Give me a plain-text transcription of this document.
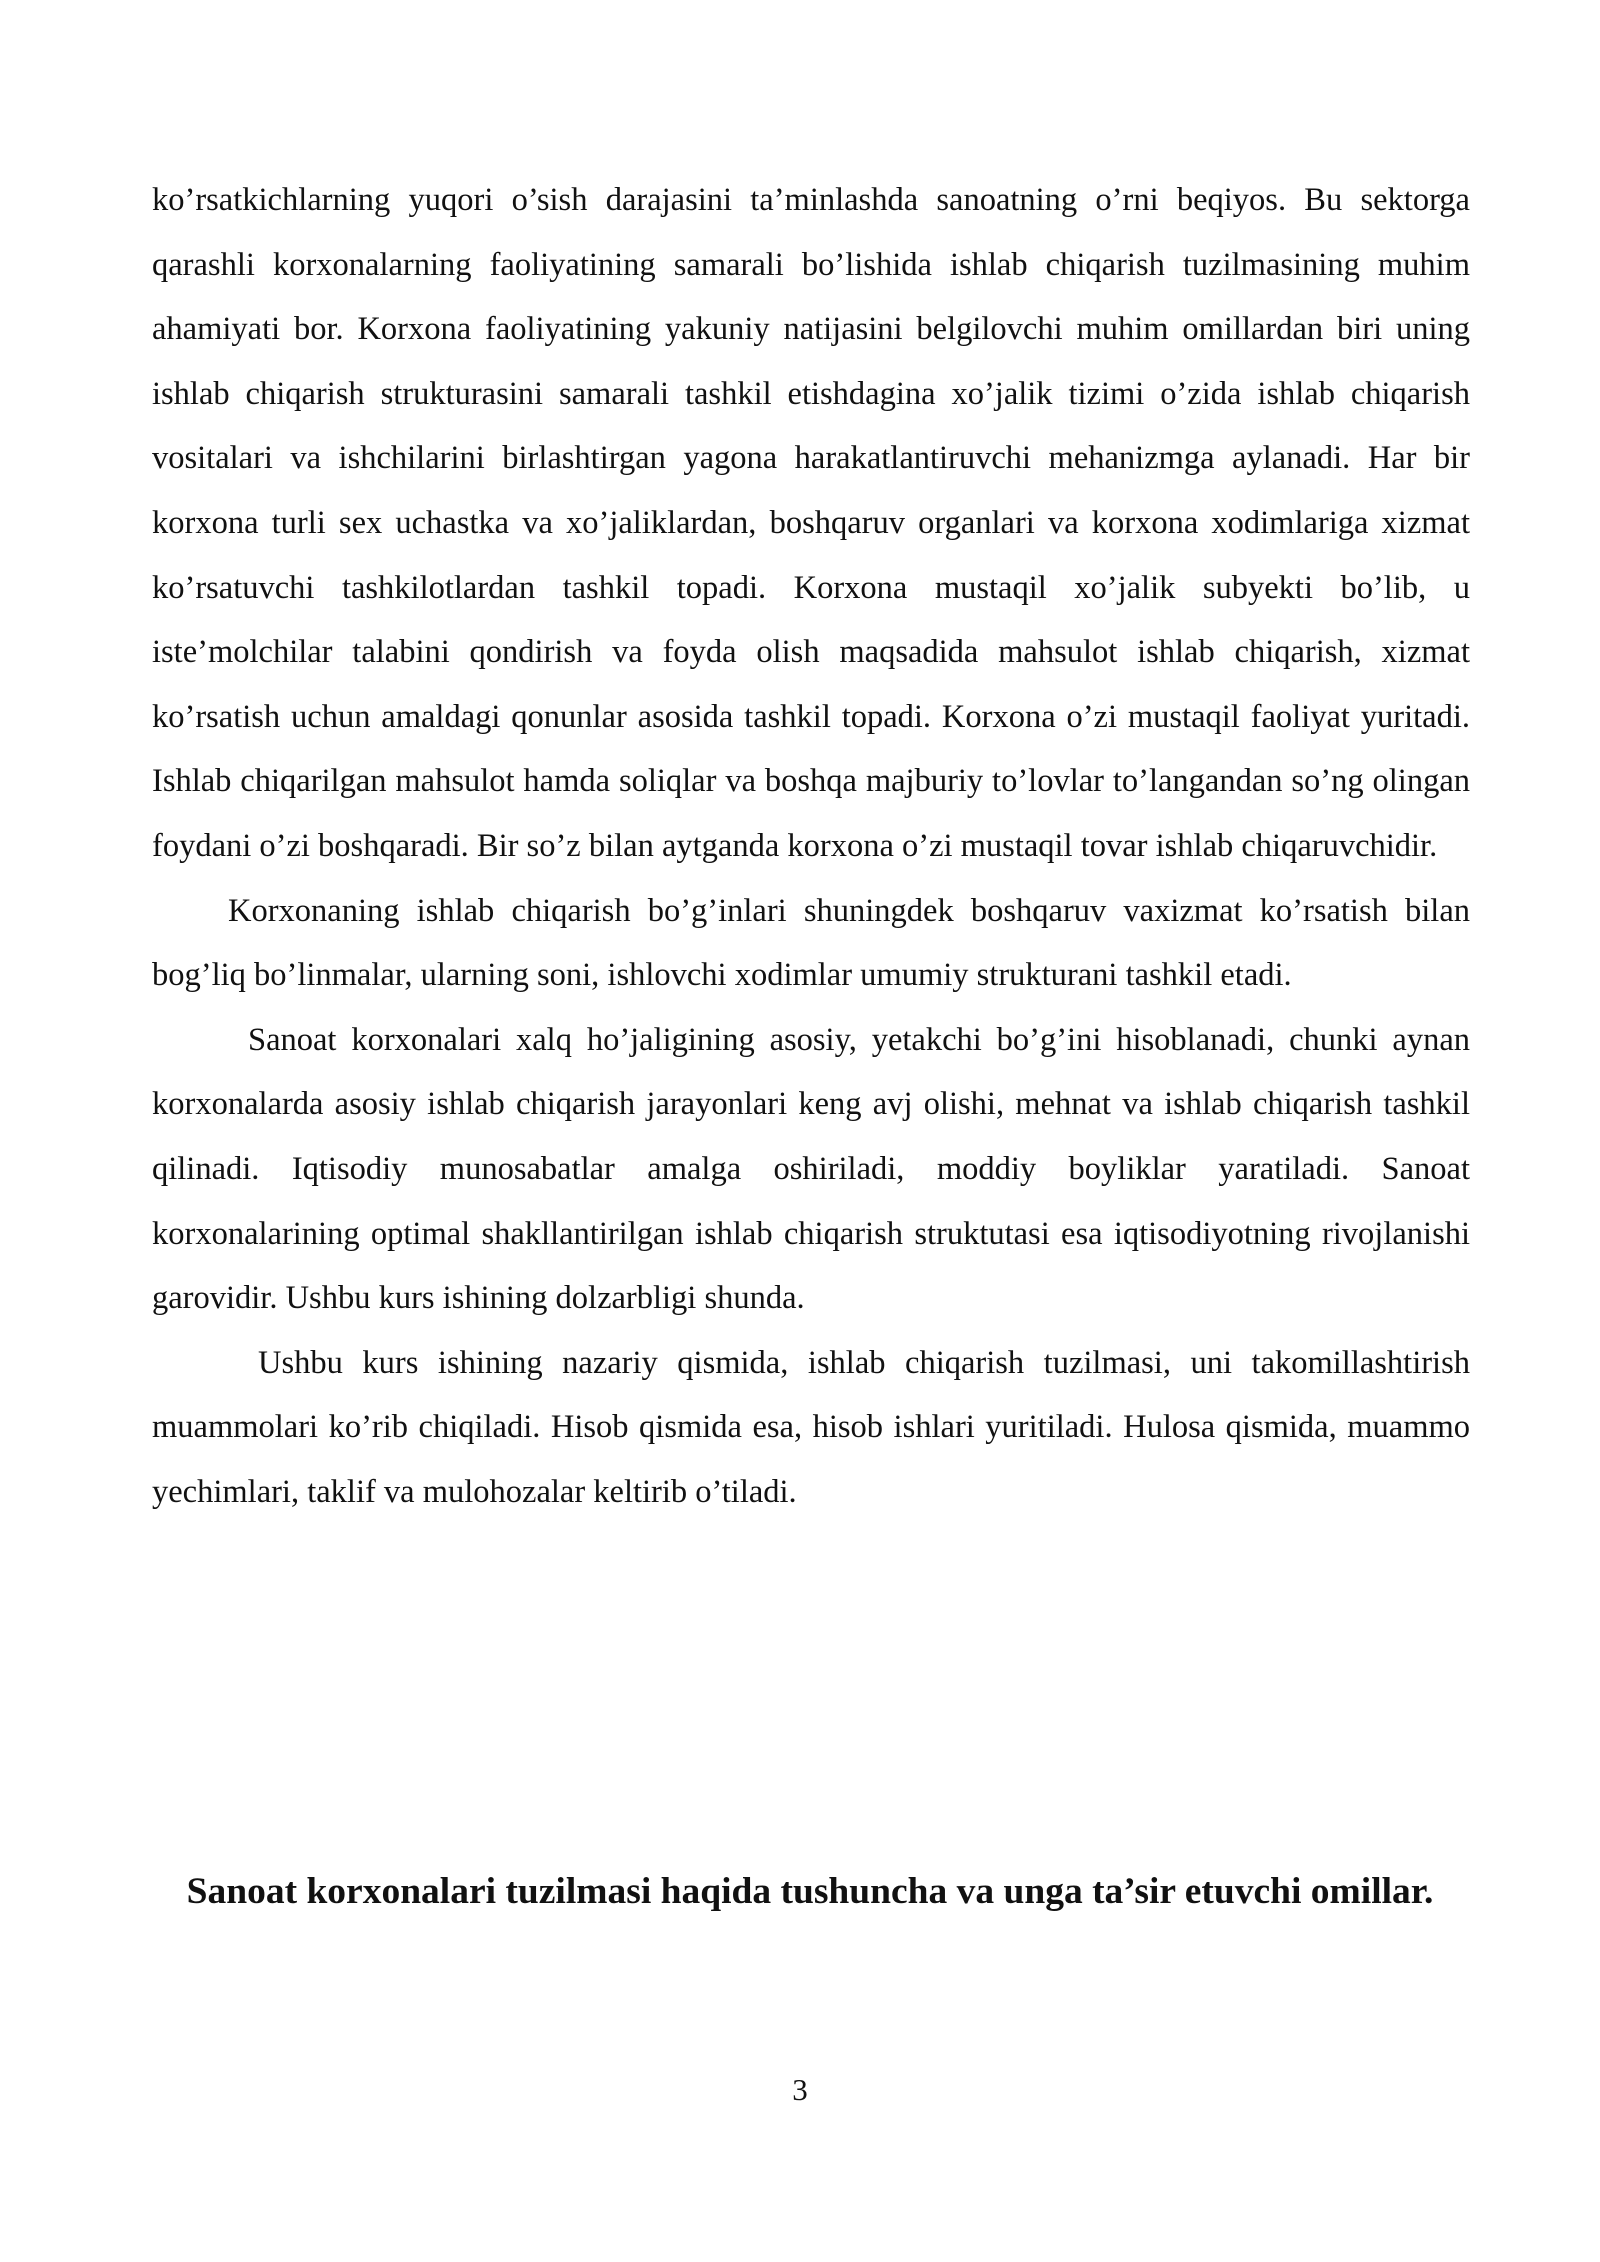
ko’rsatkichlarning yuqori o’sish darajasini ta’minlashda sanoatning o’rni beqiyos. Bu sektorga qarashli korxonalarning faoliyatining samarali bo’lishida ishlab chiqarish tuzilmasining muhim ahamiyati bor. Korxona faoliyatining yakuniy natijasini belgilovchi muhim omillardan biri uning ishlab chiqarish strukturasini samarali tashkil etishdagina xo’jalik tizimi o’zida ishlab chiqarish vositalari va ishchilarini birlashtirgan yagona harakatlantiruvchi mehanizmga aylanadi. Har bir korxona turli sex uchastka va xo’jaliklardan, boshqaruv organlari va korxona xodimlariga xizmat ko’rsatuvchi tashkilotlardan tashkil topadi. Korxona mustaqil xo’jalik subyekti bo’lib, u iste’molchilar talabini qondirish va foyda olish maqsadida mahsulot ishlab chiqarish, xizmat ko’rsatish uchun amaldagi qonunlar asosida tashkil topadi. Korxona o’zi mustaqil faoliyat yuritadi. Ishlab chiqarilgan mahsulot hamda soliqlar va boshqa majburiy to’lovlar to’langandan so’ng olingan foydani o’zi boshqaradi. Bir so’z bilan aytganda korxona o’zi mustaqil tovar ishlab chiqaruvchidir.

Korxonaning ishlab chiqarish bo’g’inlari shuningdek boshqaruv vaxizmat ko’rsatish bilan bog’liq bo’linmalar, ularning soni, ishlovchi xodimlar umumiy strukturani tashkil etadi.

Sanoat korxonalari xalq ho’jaligining asosiy, yetakchi bo’g’ini hisoblanadi, chunki aynan korxonalarda asosiy ishlab chiqarish jarayonlari keng avj olishi, mehnat va ishlab chiqarish tashkil qilinadi. Iqtisodiy munosabatlar amalga oshiriladi, moddiy boyliklar yaratiladi. Sanoat korxonalarining optimal shakllantirilgan ishlab chiqarish struktutasi esa iqtisodiyotning rivojlanishi garovidir. Ushbu kurs ishining dolzarbligi shunda.

Ushbu kurs ishining nazariy qismida, ishlab chiqarish tuzilmasi, uni takomillashtirish muammolari ko’rib chiqiladi. Hisob qismida esa, hisob ishlari yuritiladi. Hulosa qismida, muammo yechimlari, taklif va mulohozalar keltirib o’tiladi.

Sanoat korxonalari tuzilmasi haqida tushuncha va unga ta’sir etuvchi omillar.
3
